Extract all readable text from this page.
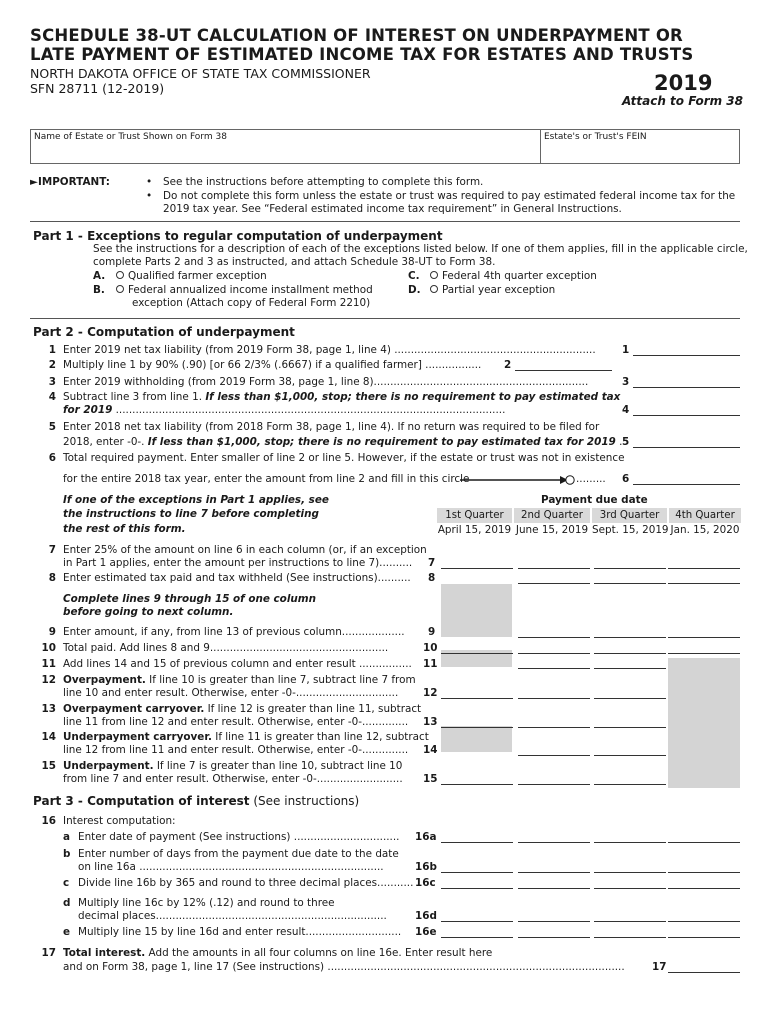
SCHEDULE 38-UT CALCULATION OF INTEREST ON UNDERPAYMENT OR
LATE PAYMENT OF ESTIMATED INCOME TAX FOR ESTATES AND TRUSTS
NORTH DAKOTA OFFICE OF STATE TAX COMMISSIONER
SFN 28711 (12-2019)	2019
Attach to Form 38
Name of Estate or Trust Shown on Form 38	Estate's or Trust's FEIN
►IMPORTANT:	• See the instructions before attempting to complete this form.
• Do not complete this form unless the estate or trust was required to pay estimated federal income tax for the
2019 tax year. See “Federal estimated income tax requirement” in General Instructions.
Part 1 - Exceptions to regular computation of underpayment
See the instructions for a description of each of the exceptions listed below. If one of them applies, fill in the applicable circle,
complete Parts 2 and 3 as instructed, and attach Schedule 38-UT to Form 38.
A.	Qualified farmer exception
B.	Federal annualized income installment method
exception (Attach copy of Federal Form 2210)
C.	Federal 4th quarter exception
D.	Partial year exception
Part 2 - Computation of underpayment
1 Enter 2019 net tax liability (from 2019 Form 38, page 1, line 4) .............................................................	1
2 Multiply line 1 by 90% (.90) [or 66 2/3% (.6667) if a qualified farmer] ................. 2
3 Enter 2019 withholding (from 2019 Form 38, page 1, line 8).................................................................	3
4 Subtract line 3 from line 1. If less than $1,000, stop; there is no requirement to pay estimated tax
for 2019 ......................................................................................................................	4
5 Enter 2018 net tax liability (from 2018 Form 38, page 1, line 4). If no return was required to be filed for
2018, enter -0-. If less than $1,000, stop; there is no requirement to pay estimated tax for 2019 . 5
6 Total required payment. Enter smaller of line 2 or line 5. However, if the estate or trust was not in existence
for the entire 2018 tax year, enter the amount from line 2 and fill in this circle	......... 6
If one of the exceptions in Part 1 applies, see
the instructions to line 7 before completing
the rest of this form.
Payment due date
1st Quarter	2nd Quarter	3rd Quarter	4th Quarter
April 15, 2019 June 15, 2019 Sept. 15, 2019 Jan. 15, 2020
7 Enter 25% of the amount on line 6 in each column (or, if an exception
in Part 1 applies, enter the amount per instructions to line 7).......... 7
8 Enter estimated tax paid and tax withheld (See instructions).......... 8
Complete lines 9 through 15 of one column
before going to next column.
9 Enter amount, if any, from line 13 of previous column................... 9
10 Total paid. Add lines 8 and 9......................................................	10
11 Add lines 14 and 15 of previous column and enter result ................ 11
12 Overpayment. If line 10 is greater than line 7, subtract line 7 from
line 10 and enter result. Otherwise, enter -0-............................... 12
13 Overpayment carryover. If line 12 is greater than line 11, subtract
line 11 from line 12 and enter result. Otherwise, enter -0-.............. 13
14 Underpayment carryover. If line 11 is greater than line 12, subtract
line 12 from line 11 and enter result. Otherwise, enter -0-.............. 14
15 Underpayment. If line 7 is greater than line 10, subtract line 10
from line 7 and enter result. Otherwise, enter -0-.......................... 15
Part 3 - Computation of interest (See instructions)
16 Interest computation:
a Enter date of payment (See instructions) ................................ 16a
b Enter number of days from the payment due date to the date
on line 16a ..........................................................................	16b
c Divide line 16b by 365 and round to three decimal places........... 16c
d Multiply line 16c by 12% (.12) and round to three
decimal places......................................................................	16d
e Multiply line 15 by line 16d and enter result............................. 16e
17 Total interest. Add the amounts in all four columns on line 16e. Enter result here
and on Form 38, page 1, line 17 (See instructions) ..........................................................................................	17
